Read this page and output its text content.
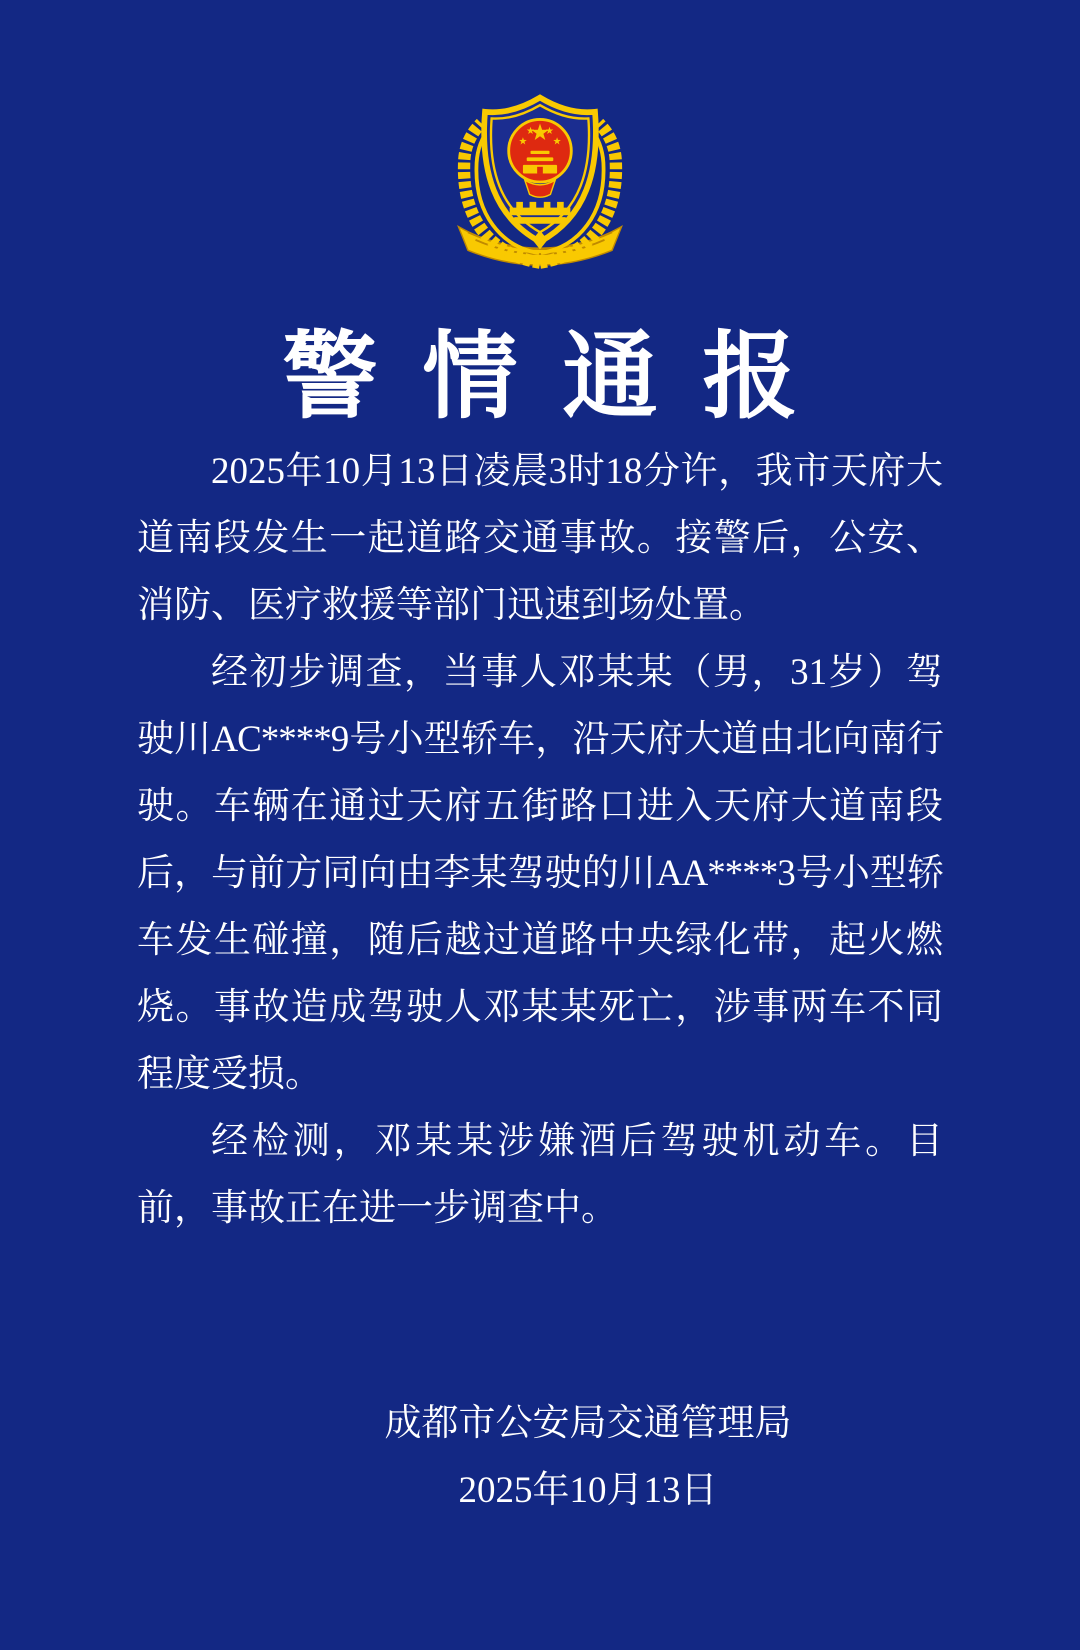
警情通报
2025年10月13日凌晨3时18分许，我市天府大
道南段发生一起道路交通事故。接警后，公安、
消防、医疗救援等部门迅速到场处置。
经初步调查，当事人邓某某（男，31岁）驾
驶川AC****9号小型轿车，沿天府大道由北向南行
驶。车辆在通过天府五街路口进入天府大道南段
后，与前方同向由李某驾驶的川AA****3号小型轿
车发生碰撞，随后越过道路中央绿化带，起火燃
烧。事故造成驾驶人邓某某死亡，涉事两车不同
程度受损。
经检测，邓某某涉嫌酒后驾驶机动车。目
前，事故正在进一步调查中。
成都市公安局交通管理局
2025年10月13日
